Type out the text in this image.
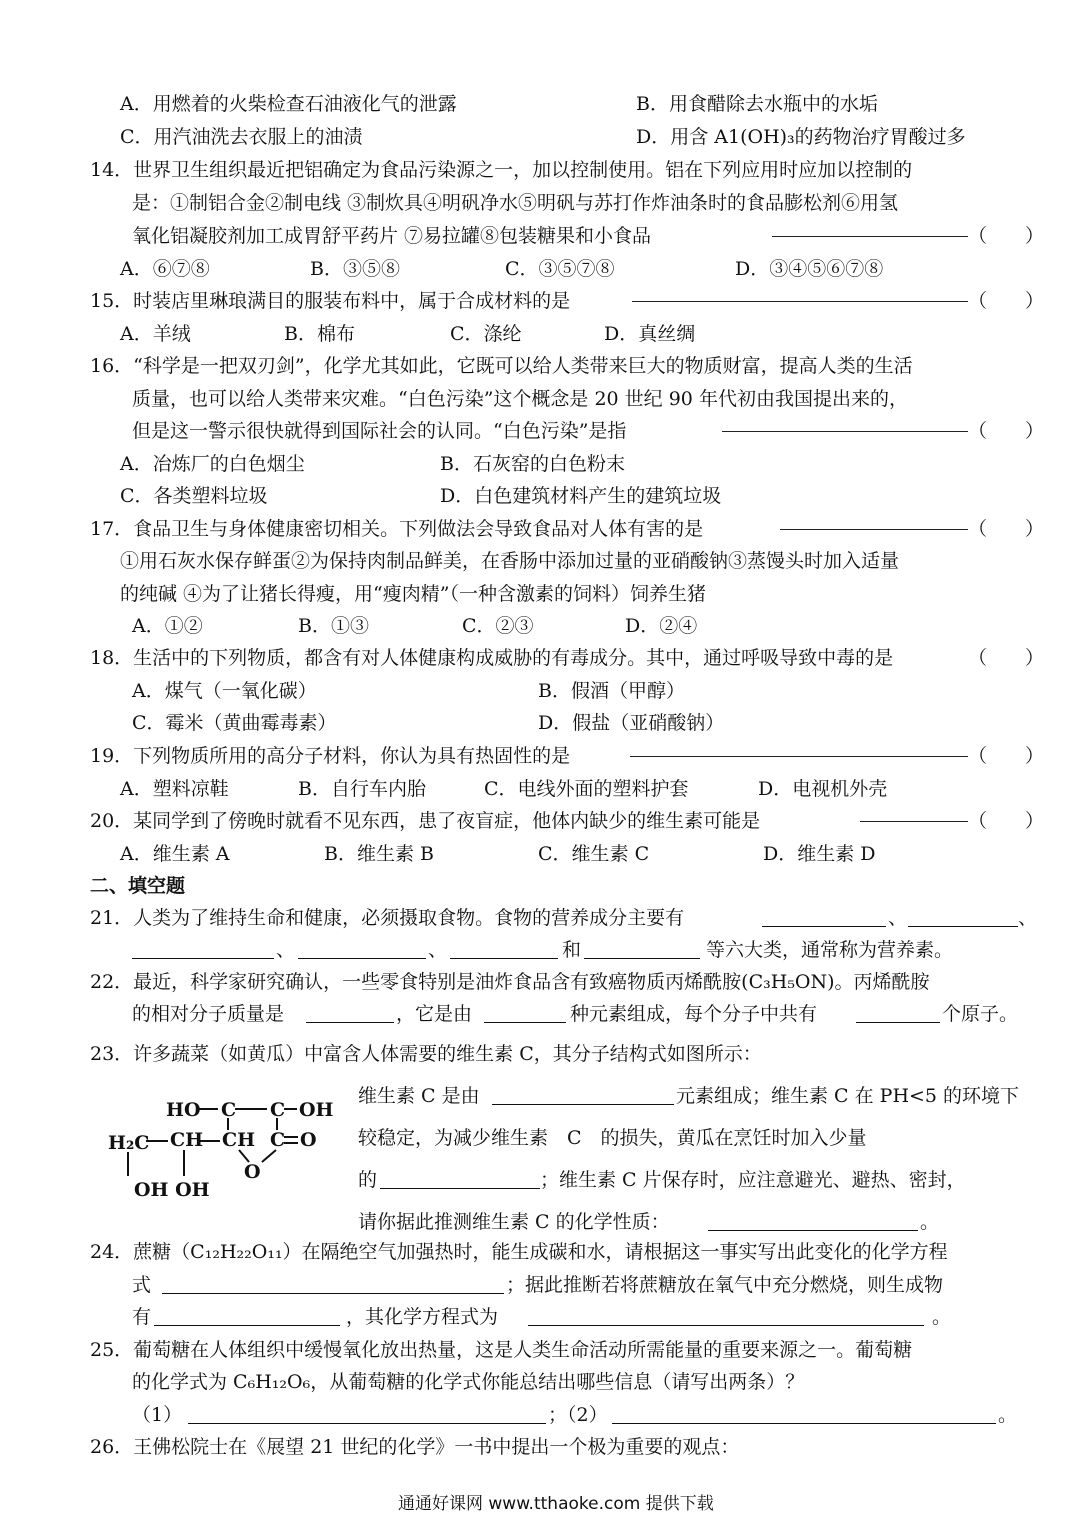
A．用燃着的火柴检查石油液化气的泄露	B．用食醋除去水瓶中的水垢
C．用汽油洗去衣服上的油渍	D．用含 A1(OH)₃的药物治疗胃酸过多
14．世界卫生组织最近把铝确定为食品污染源之一，加以控制使用。铝在下列应用时应加以控制的
是：①制铝合金②制电线 ③制炊具④明矾净水⑤明矾与苏打作炸油条时的食品膨松剂⑥用氢
氧化铝凝胶剂加工成胃舒平药片 ⑦易拉罐⑧包装糖果和小食品	（　　）
A．⑥⑦⑧	B．③⑤⑧	C．③⑤⑦⑧	D．③④⑤⑥⑦⑧
15．时装店里琳琅满目的服装布料中，属于合成材料的是	（　　）
A．羊绒	B．棉布	C．涤纶	D．真丝绸
16．“科学是一把双刃剑”，化学尤其如此，它既可以给人类带来巨大的物质财富，提高人类的生活
质量，也可以给人类带来灾难。“白色污染”这个概念是 20 世纪 90 年代初由我国提出来的，
但是这一警示很快就得到国际社会的认同。“白色污染”是指	（　　）
A．冶炼厂的白色烟尘	B．石灰窑的白色粉末
C．各类塑料垃圾	D．白色建筑材料产生的建筑垃圾
17．食品卫生与身体健康密切相关。下列做法会导致食品对人体有害的是	（　　）
①用石灰水保存鲜蛋②为保持肉制品鲜美，在香肠中添加过量的亚硝酸钠③蒸馒头时加入适量
的纯碱 ④为了让猪长得瘦，用“瘦肉精”（一种含激素的饲料）饲养生猪
A．①②	B．①③	C．②③	D．②④
18．生活中的下列物质，都含有对人体健康构成威胁的有毒成分。其中，通过呼吸导致中毒的是	（　　）
A．煤气（一氧化碳）	B．假酒（甲醇）
C．霉米（黄曲霉毒素）	D．假盐（亚硝酸钠）
19．下列物质所用的高分子材料，你认为具有热固性的是	（　　）
A．塑料凉鞋	B．自行车内胎	C．电线外面的塑料护套	D．电视机外壳
20．某同学到了傍晚时就看不见东西，患了夜盲症，他体内缺少的维生素可能是	（　　）
A．维生素 A	B．维生素 B	C．维生素 C	D．维生素 D
二、填空题
21．人类为了维持生命和健康，必须摄取食物。食物的营养成分主要有	、	、
、	、	和	等六大类，通常称为营养素。
22．最近，科学家研究确认，一些零食特别是油炸食品含有致癌物质丙烯酰胺(C₃H₅ON)。丙烯酰胺
的相对分子质量是	，它是由	种元素组成，每个分子中共有	个原子。
23．许多蔬菜（如黄瓜）中富含人体需要的维生素 C，其分子结构式如图所示：
HO C C OH
H₂C CH CH C O
O
OH OH
维生素 C 是由	元素组成；维生素 C 在 PH<5 的环境下
较稳定，为减少维生素　C　的损失，黄瓜在烹饪时加入少量
的	；维生素 C 片保存时，应注意避光、避热、密封，
请你据此推测维生素 C 的化学性质：	。
24．蔗糖（C₁₂H₂₂O₁₁）在隔绝空气加强热时，能生成碳和水，请根据这一事实写出此变化的化学方程
式	；据此推断若将蔗糖放在氧气中充分燃烧，则生成物
有	，其化学方程式为	。
25．葡萄糖在人体组织中缓慢氧化放出热量，这是人类生命活动所需能量的重要来源之一。葡萄糖
的化学式为 C₆H₁₂O₆，从葡萄糖的化学式你能总结出哪些信息（请写出两条）？
（1）	；（2）	。
26．王佛松院士在《展望 21 世纪的化学》一书中提出一个极为重要的观点：
通通好课网 www.tthaoke.com 提供下载
